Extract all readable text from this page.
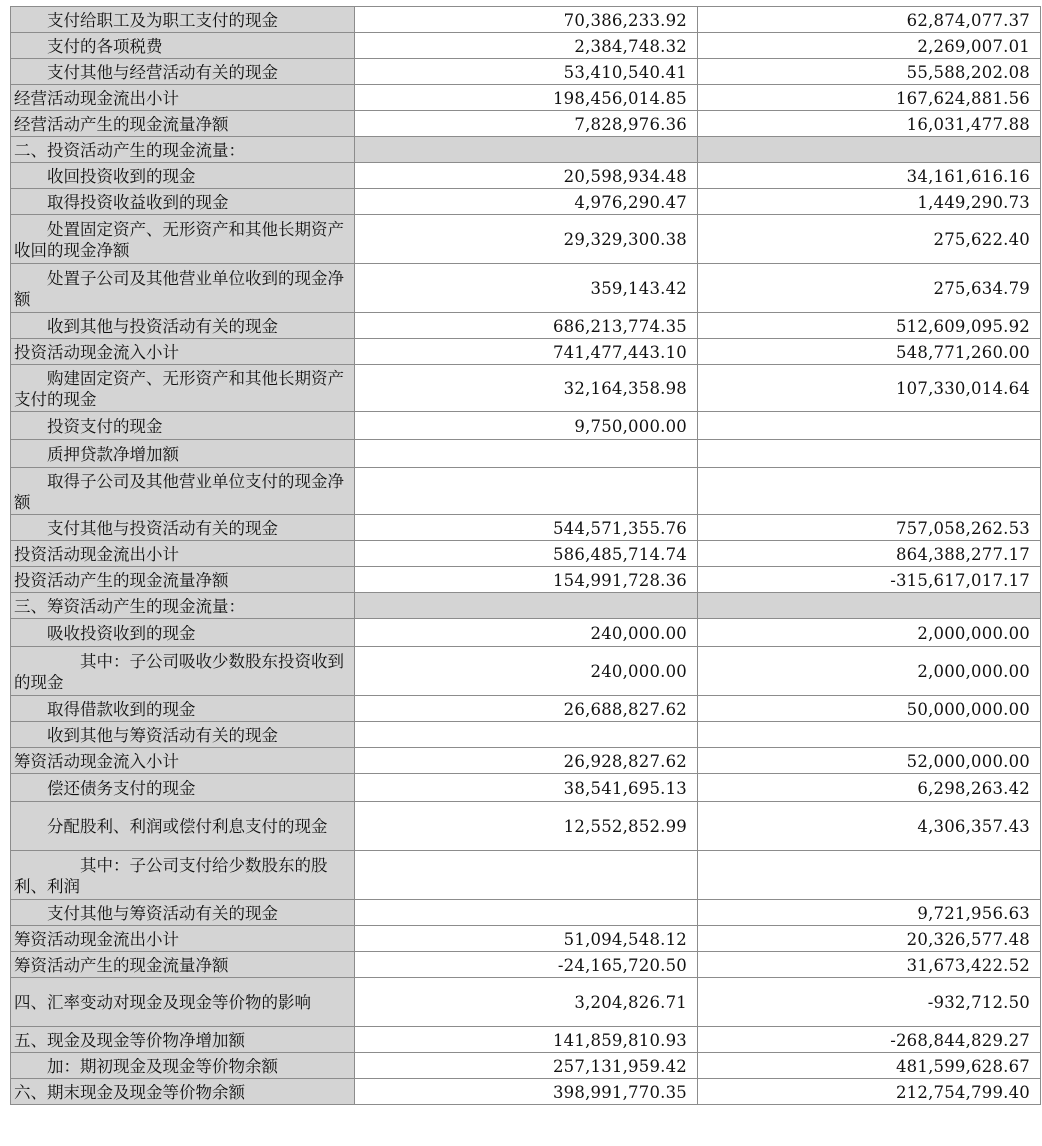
　　支付给职工及为职工支付的现金	70,386,233.92	62,874,077.37
　　支付的各项税费	2,384,748.32	2,269,007.01
　　支付其他与经营活动有关的现金	53,410,540.41	55,588,202.08
经营活动现金流出小计	198,456,014.85	167,624,881.56
经营活动产生的现金流量净额	7,828,976.36	16,031,477.88
二、投资活动产生的现金流量：		
　　收回投资收到的现金	20,598,934.48	34,161,616.16
　　取得投资收益收到的现金	4,976,290.47	1,449,290.73
　　处置固定资产、无形资产和其他长期资产收回的现金净额	29,329,300.38	275,622.40
　　处置子公司及其他营业单位收到的现金净额	359,143.42	275,634.79
　　收到其他与投资活动有关的现金	686,213,774.35	512,609,095.92
投资活动现金流入小计	741,477,443.10	548,771,260.00
　　购建固定资产、无形资产和其他长期资产支付的现金	32,164,358.98	107,330,014.64
　　投资支付的现金	9,750,000.00	
　　质押贷款净增加额		
　　取得子公司及其他营业单位支付的现金净额		
　　支付其他与投资活动有关的现金	544,571,355.76	757,058,262.53
投资活动现金流出小计	586,485,714.74	864,388,277.17
投资活动产生的现金流量净额	154,991,728.36	-315,617,017.17
三、筹资活动产生的现金流量：		
　　吸收投资收到的现金	240,000.00	2,000,000.00
　　　　其中：子公司吸收少数股东投资收到的现金	240,000.00	2,000,000.00
　　取得借款收到的现金	26,688,827.62	50,000,000.00
　　收到其他与筹资活动有关的现金		
筹资活动现金流入小计	26,928,827.62	52,000,000.00
　　偿还债务支付的现金	38,541,695.13	6,298,263.42
　　分配股利、利润或偿付利息支付的现金	12,552,852.99	4,306,357.43
　　　　其中：子公司支付给少数股东的股利、利润		
　　支付其他与筹资活动有关的现金		9,721,956.63
筹资活动现金流出小计	51,094,548.12	20,326,577.48
筹资活动产生的现金流量净额	-24,165,720.50	31,673,422.52
四、汇率变动对现金及现金等价物的影响	3,204,826.71	-932,712.50
五、现金及现金等价物净增加额	141,859,810.93	-268,844,829.27
　　加：期初现金及现金等价物余额	257,131,959.42	481,599,628.67
六、期末现金及现金等价物余额	398,991,770.35	212,754,799.40
